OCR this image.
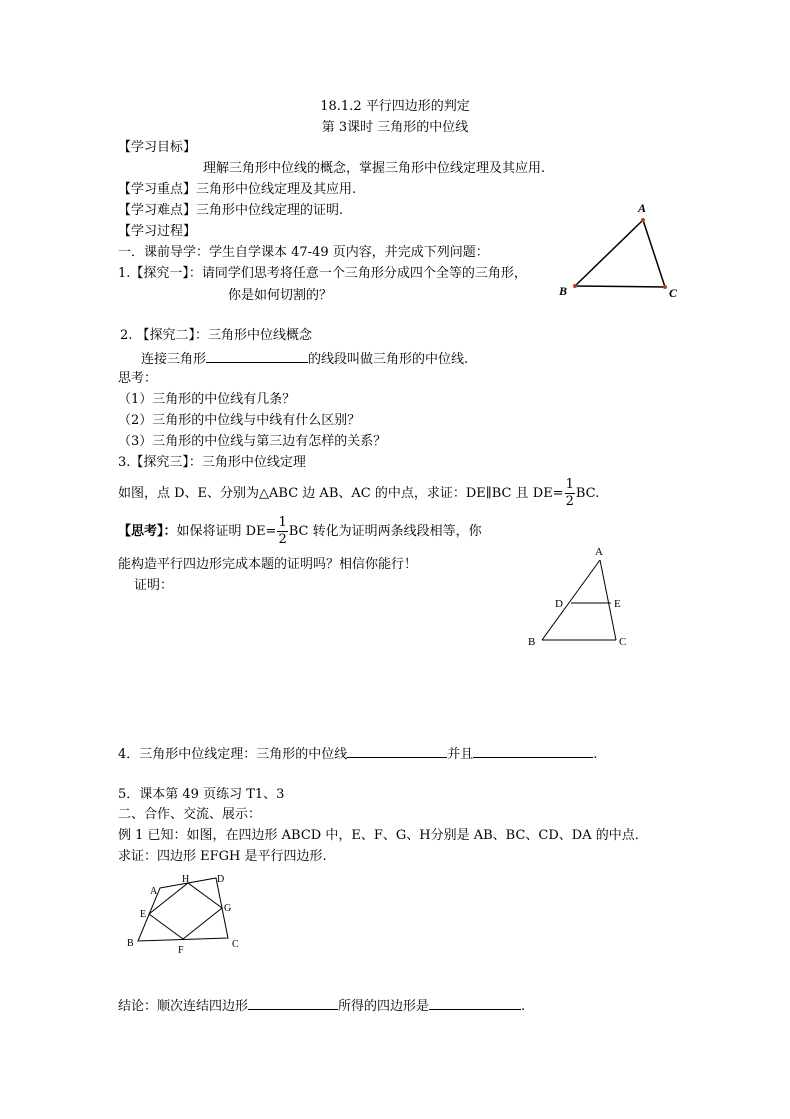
18.1.2 平行四边形的判定
第 3课时 三角形的中位线
【学习目标】
理解三角形中位线的概念，掌握三角形中位线定理及其应用.
【学习重点】三角形中位线定理及其应用.
【学习难点】三角形中位线定理的证明.
【学习过程】
一．课前导学：学生自学课本 47-49 页内容，并完成下列问题：
1.【探究一】：请同学们思考将任意一个三角形分成四个全等的三角形，
你是如何切割的？
A
B	C
2. 【探究二】：三角形中位线概念
连接三角形	的线段叫做三角形的中位线.
思考：
（1）三角形的中位线有几条？
（2）三角形的中位线与中线有什么区别？
（3）三角形的中位线与第三边有怎样的关系？
3.【探究三】：三角形中位线定理
如图，点 D、E、分别为△ABC 边 AB、AC 的中点，求证：DE∥BC 且 $DE= \frac{1}{2}$ BC.
【思考】：如保将证明 $DE= \frac{1}{2}$ BC 转化为证明两条线段相等，你
能构造平行四边形完成本题的证明吗？相信你能行！
证明：
A
B	C
D	E
4．三角形中位线定理：三角形的中位线	并且	.
5．课本第 49 页练习 T1、3
二、合作、交流、展示：
例 1 已知：如图，在四边形 ABCD 中，E、F、G、H分别是 AB、BC、CD、DA 的中点．
求证：四边形 EFGH 是平行四边形.
A
B	C
D
E
F
G
H
结论：顺次连结四边形	所得的四边形是	.
